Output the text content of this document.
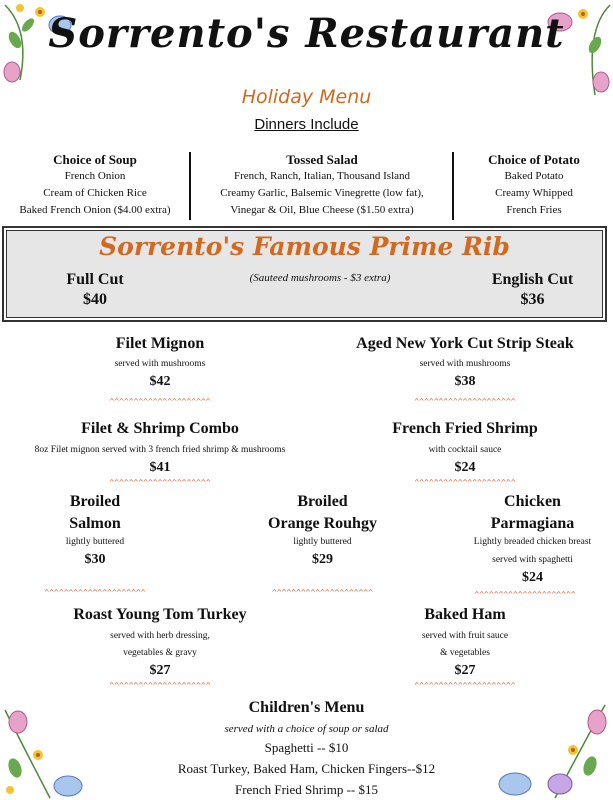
Sorrento's Restaurant
Holiday Menu
Dinners Include
Choice of Soup
French Onion
Cream of Chicken Rice
Baked French Onion ($4.00 extra)
Tossed Salad
French, Ranch, Italian, Thousand Island
Creamy Garlic, Balsemic Vinegrette (low fat),
Vinegar & Oil, Blue Cheese ($1.50 extra)
Choice of Potato
Baked Potato
Creamy Whipped
French Fries
Sorrento's Famous Prime Rib
Full Cut
$40
(Sauteed mushrooms - $3 extra)	English Cut
$36
Filet Mignon
served with mushrooms
$42
^^^^^^^^^^^^^^^^^^^^^
Aged New York Cut Strip Steak
served with mushrooms
$38
^^^^^^^^^^^^^^^^^^^^^
Filet & Shrimp Combo
8oz Filet mignon served with 3 french fried shrimp & mushrooms
$41
^^^^^^^^^^^^^^^^^^^^^
French Fried Shrimp
with cocktail sauce
$24
^^^^^^^^^^^^^^^^^^^^^
Broiled
Salmon
lightly buttered
$30
^^^^^^^^^^^^^^^^^^^^^
Broiled
Orange Rouhgy
lightly buttered
$29
^^^^^^^^^^^^^^^^^^^^^
Chicken
Parmagiana
Lightly breaded chicken breast
served with spaghetti
$24
^^^^^^^^^^^^^^^^^^^^^
Roast Young Tom Turkey
served with herb dressing,
vegetables & gravy
$27
^^^^^^^^^^^^^^^^^^^^^
Baked Ham
served with fruit sauce
& vegetables
$27
^^^^^^^^^^^^^^^^^^^^^
Children's Menu
served with a choice of soup or salad
Spaghetti -- $10
Roast Turkey, Baked Ham, Chicken Fingers--$12
French Fried Shrimp -- $15
